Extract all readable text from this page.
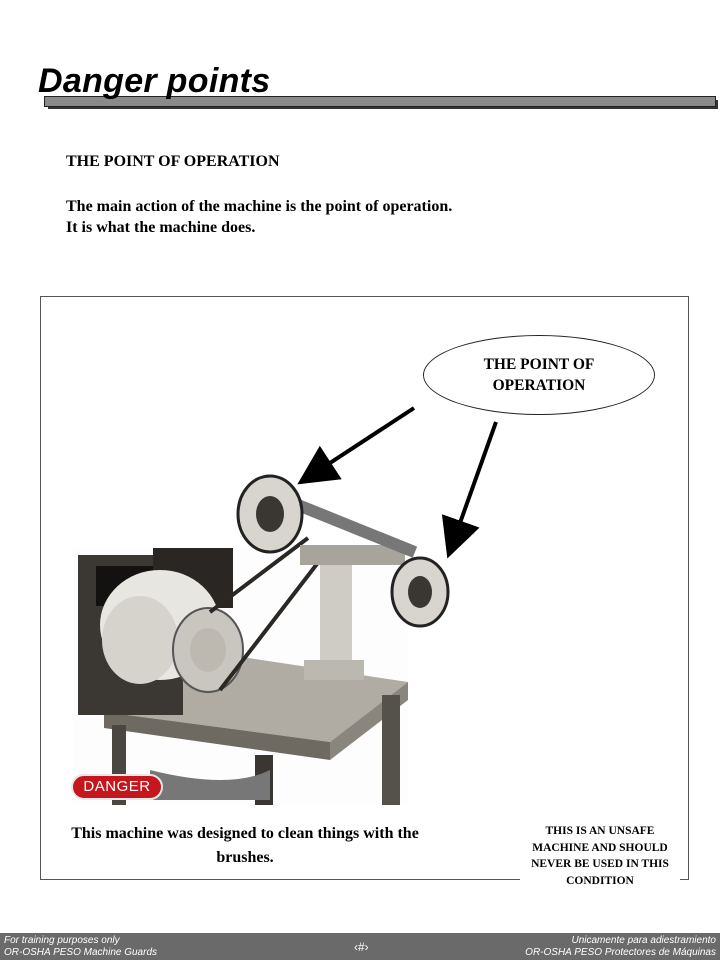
Danger points

THE POINT OF OPERATION

The main action of the machine is the point of operation.

It is what the machine does.

THE POINT OF OPERATION
DANGER
This machine was designed to clean things with the brushes.
THIS IS AN UNSAFE MACHINE AND SHOULD NEVER BE USED IN THIS CONDITION
For training purposes only
OR-OSHA PESO Machine Guards	‹#›	Unicamente para adiestramiento
OR-OSHA PESO Protectores de Máquinas
